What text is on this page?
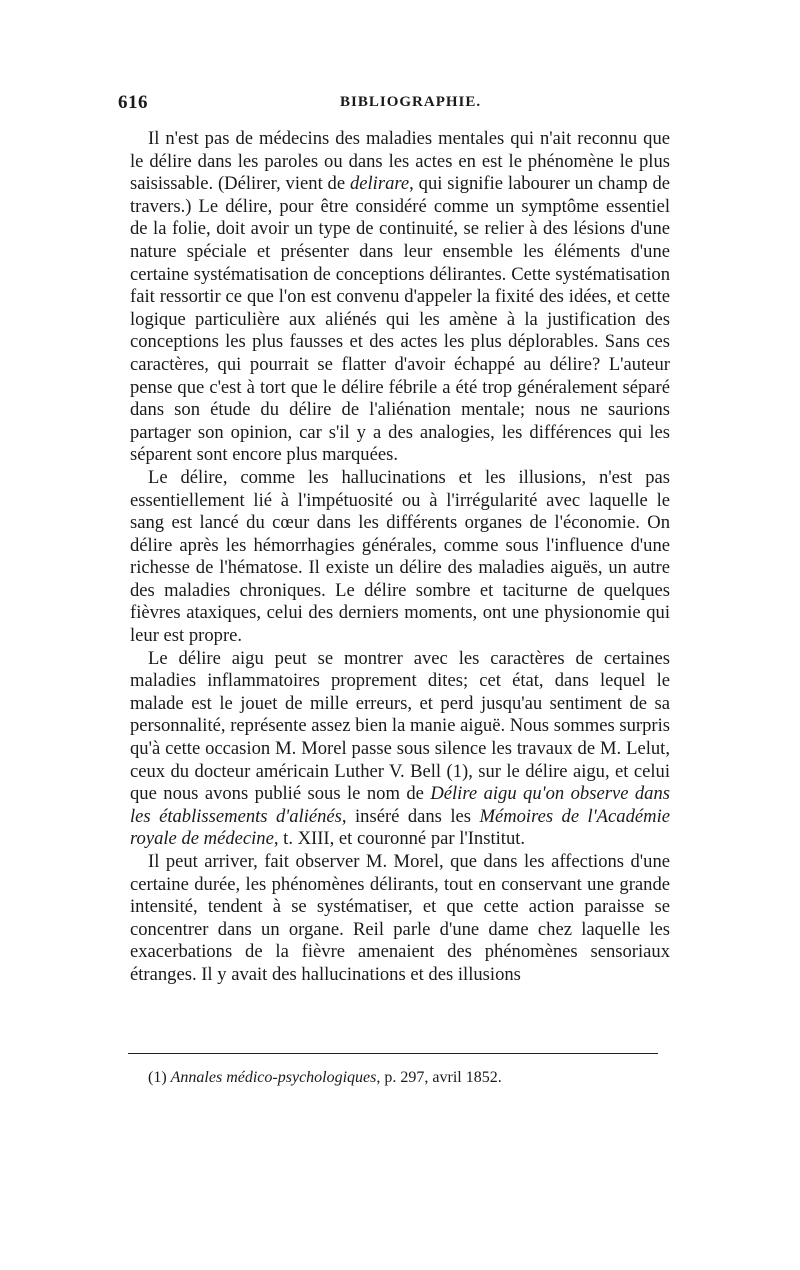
616	BIBLIOGRAPHIE.

Il n'est pas de médecins des maladies mentales qui n'ait reconnu que le délire dans les paroles ou dans les actes en est le phénomène le plus saisissable. (Délirer, vient de delirare, qui signifie labourer un champ de travers.) Le délire, pour être considéré comme un symptôme essentiel de la folie, doit avoir un type de continuité, se relier à des lésions d'une nature spéciale et présenter dans leur ensemble les éléments d'une certaine systématisation de conceptions délirantes. Cette systématisation fait ressortir ce que l'on est convenu d'appeler la fixité des idées, et cette logique particulière aux aliénés qui les amène à la justification des conceptions les plus fausses et des actes les plus déplorables. Sans ces caractères, qui pourrait se flatter d'avoir échappé au délire? L'auteur pense que c'est à tort que le délire fébrile a été trop généralement séparé dans son étude du délire de l'aliénation mentale; nous ne saurions partager son opinion, car s'il y a des analogies, les différences qui les séparent sont encore plus marquées.

Le délire, comme les hallucinations et les illusions, n'est pas essentiellement lié à l'impétuosité ou à l'irrégularité avec laquelle le sang est lancé du cœur dans les différents organes de l'économie. On délire après les hémorrhagies générales, comme sous l'influence d'une richesse de l'hématose. Il existe un délire des maladies aiguës, un autre des maladies chroniques. Le délire sombre et taciturne de quelques fièvres ataxiques, celui des derniers moments, ont une physionomie qui leur est propre.

Le délire aigu peut se montrer avec les caractères de certaines maladies inflammatoires proprement dites; cet état, dans lequel le malade est le jouet de mille erreurs, et perd jusqu'au sentiment de sa personnalité, représente assez bien la manie aiguë. Nous sommes surpris qu'à cette occasion M. Morel passe sous silence les travaux de M. Lelut, ceux du docteur américain Luther V. Bell (1), sur le délire aigu, et celui que nous avons publié sous le nom de Délire aigu qu'on observe dans les établissements d'aliénés, inséré dans les Mémoires de l'Académie royale de médecine, t. XIII, et couronné par l'Institut.

Il peut arriver, fait observer M. Morel, que dans les affections d'une certaine durée, les phénomènes délirants, tout en conservant une grande intensité, tendent à se systématiser, et que cette action paraisse se concentrer dans un organe. Reil parle d'une dame chez laquelle les exacerbations de la fièvre amenaient des phénomènes sensoriaux étranges. Il y avait des hallucinations et des illusions

(1) Annales médico-psychologiques, p. 297, avril 1852.
